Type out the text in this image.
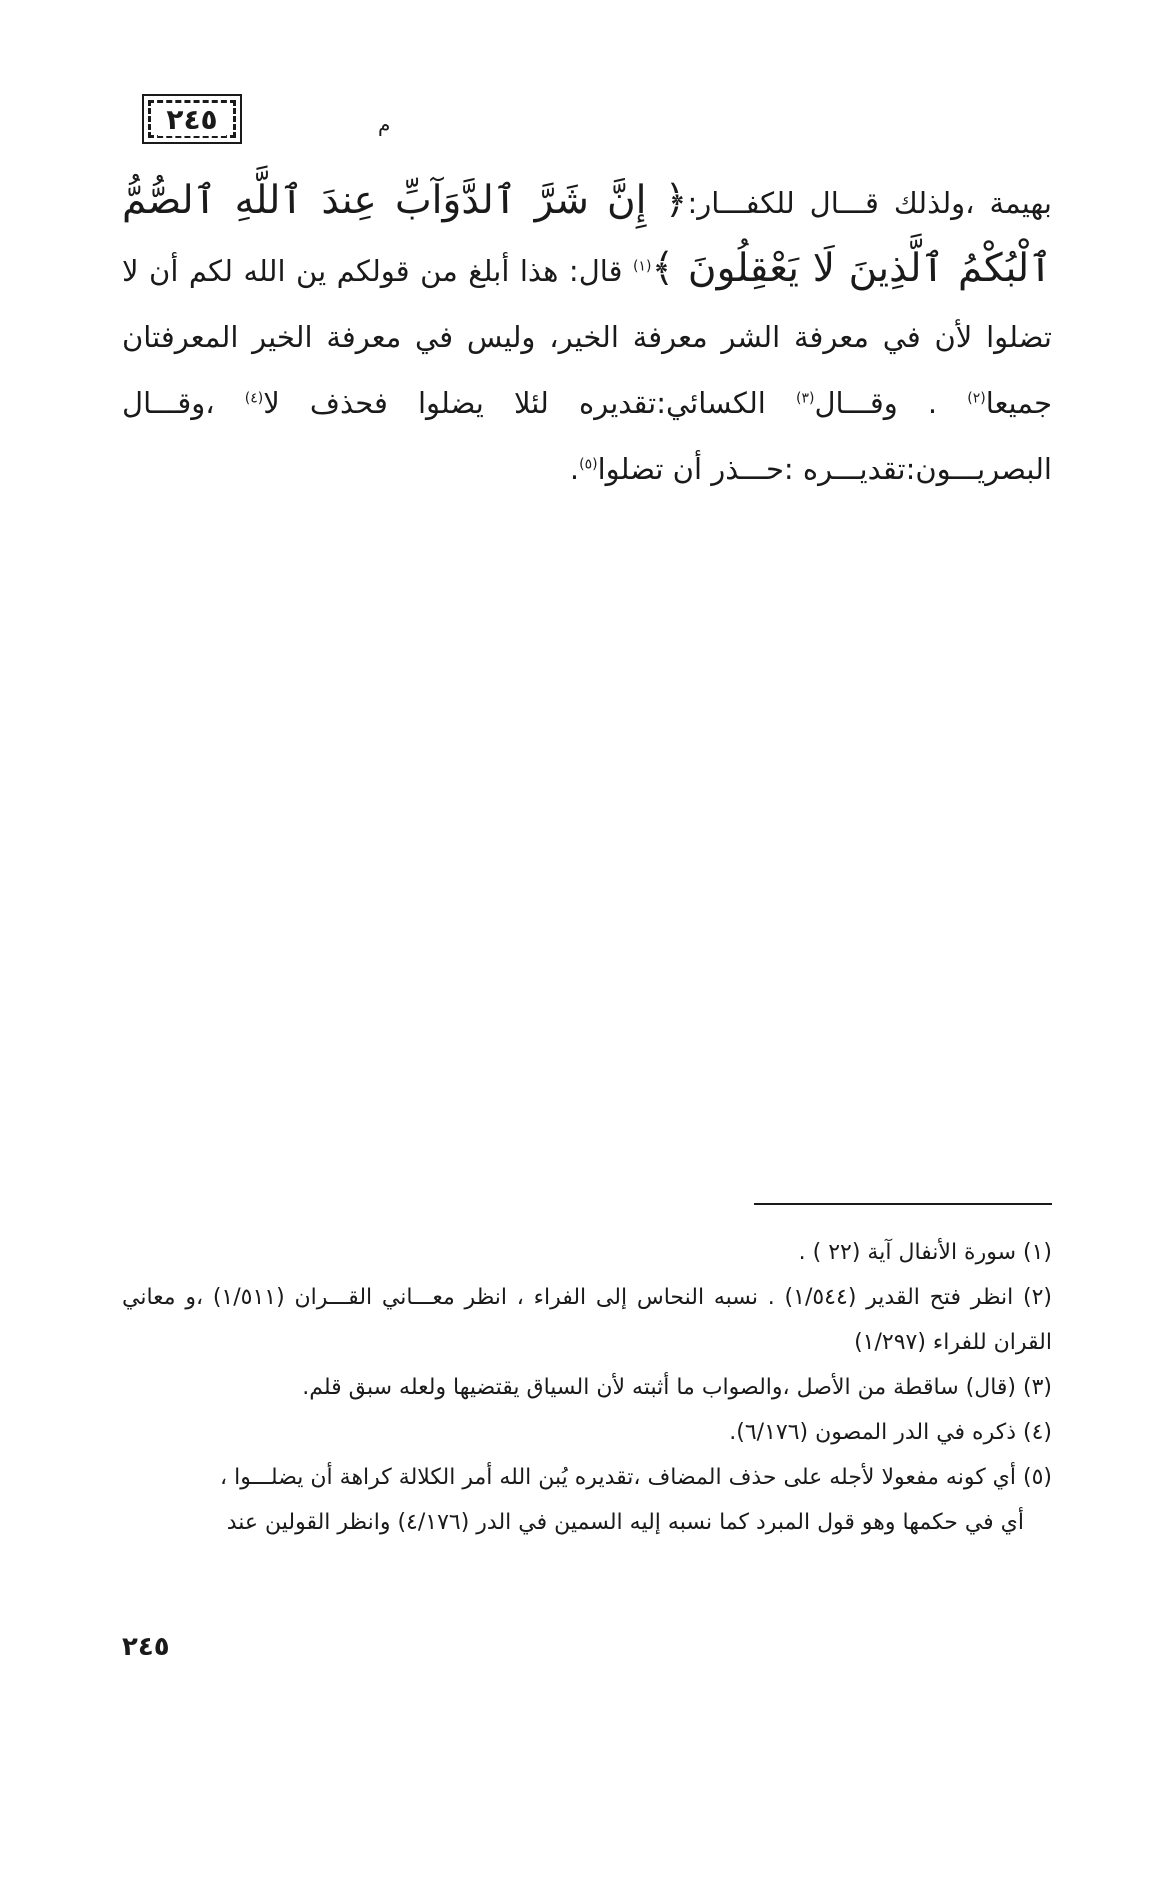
٢٤٥	م
بهيمة ،ولذلك قـــال للكفـــار:﴿ إِنَّ شَرَّ ٱلدَّوَآبِّ عِندَ ٱللَّهِ ٱلصُّمُّ ٱلْبُكْمُ ٱلَّذِينَ لَا يَعْقِلُونَ ﴾$^{(١)}$ قال: هذا أبلغ من قولكم ين الله لكم أن لا تضلوا لأن في معرفة الشر معرفة الخير، وليس في معرفة الخير المعرفتان جميعا$^{(٢)}$ . وقـــال$^{(٣)}$ الكسائي:تقديره لئلا يضلوا فحذف لا$^{(٤)}$ ،وقـــال البصريـــون:تقديـــره :حـــذر أن تضلوا$^{(٥)}$.

(١) سورة الأنفال آية (٢٢ ) .

(٢) انظر فتح القدير (١/٥٤٤) . نسبه النحاس إلى الفراء ، انظر معـــاني القـــران (١/٥١١) ،و معاني القران للفراء (١/٢٩٧)

(٣) (قال) ساقطة من الأصل ،والصواب ما أثبته لأن السياق يقتضيها ولعله سبق قلم.

(٤) ذكره في الدر المصون (٦/١٧٦).

(٥) أي كونه مفعولا لأجله على حذف المضاف ،تقديره يُبن الله أمر الكلالة كراهة أن يضلـــوا ،

أي في حكمها وهو قول المبرد كما نسبه إليه السمين في الدر (٤/١٧٦) وانظر القولين عند

٢٤٥
